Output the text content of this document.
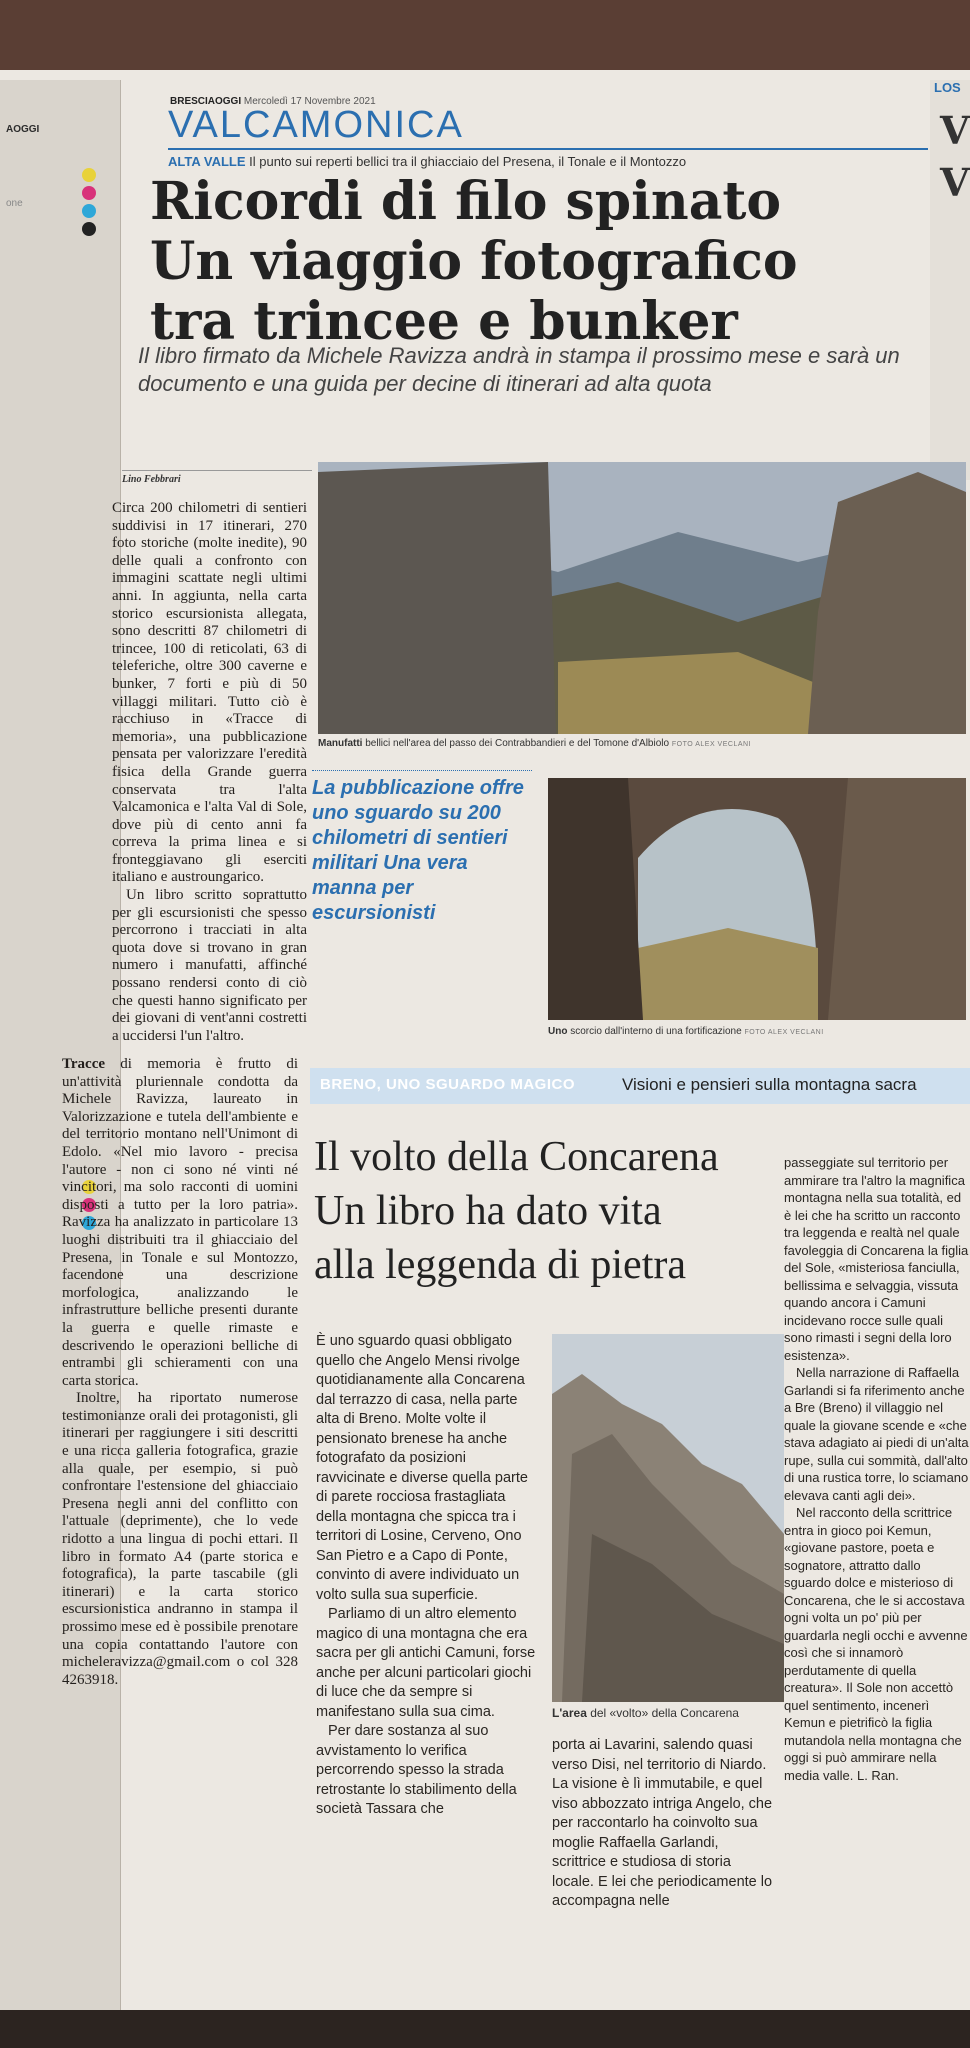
AOGGI
one
LOS
V
V
BRESCIAOGGI Mercoledì 17 Novembre 2021
VALCAMONICA
ALTA VALLE Il punto sui reperti bellici tra il ghiacciaio del Presena, il Tonale e il Montozzo
Ricordi di filo spinato
Un viaggio fotografico
tra trincee e bunker
Il libro firmato da Michele Ravizza andrà in stampa il prossimo mese e sarà un documento e una guida per decine di itinerari ad alta quota
Lino Febbrari

Circa 200 chilometri di sentieri suddivisi in 17 itinerari, 270 foto storiche (molte inedite), 90 delle quali a confronto con immagini scattate negli ultimi anni. In aggiunta, nella carta storico escursionista allegata, sono descritti 87 chilometri di trincee, 100 di reticolati, 63 di teleferiche, oltre 300 caverne e bunker, 7 forti e più di 50 villaggi militari. Tutto ciò è racchiuso in «Tracce di memoria», una pubblicazione pensata per valorizzare l'eredità fisica della Grande guerra conservata tra l'alta Valcamonica e l'alta Val di Sole, dove più di cento anni fa correva la prima linea e si fronteggiavano gli eserciti italiano e austroungarico.

Un libro scritto soprattutto per gli escursionisti che spesso percorrono i tracciati in alta quota dove si trovano in gran numero i manufatti, affinché possano rendersi conto di ciò che questi hanno significato per dei giovani di vent'anni costretti a uccidersi l'un l'altro.

Tracce di memoria è frutto di un'attività pluriennale condotta da Michele Ravizza, laureato in Valorizzazione e tutela dell'ambiente e del territorio montano nell'Unimont di Edolo. «Nel mio lavoro - precisa l'autore - non ci sono né vinti né vincitori, ma solo racconti di uomini disposti a tutto per la loro patria». Ravizza ha analizzato in particolare 13 luoghi distribuiti tra il ghiacciaio del Presena, in Tonale e sul Montozzo, facendone una descrizione morfologica, analizzando le infrastrutture belliche presenti durante la guerra e quelle rimaste e descrivendo le operazioni belliche di entrambi gli schieramenti con una carta storica.

Inoltre, ha riportato numerose testimonianze orali dei protagonisti, gli itinerari per raggiungere i siti descritti e una ricca galleria fotografica, grazie alla quale, per esempio, si può confrontare l'estensione del ghiacciaio Presena negli anni del conflitto con l'attuale (deprimente), che lo vede ridotto a una lingua di pochi ettari. Il libro in formato A4 (parte storica e fotografica), la parte tascabile (gli itinerari) e la carta storico escursionistica andranno in stampa il prossimo mese ed è possibile prenotare una copia contattando l'autore con micheleravizza@gmail.com o col 328 4263918.

Manufatti bellici nell'area del passo dei Contrabbandieri e del Tomone d'Albiolo FOTO ALEX VECLANI
La pubblicazione offre uno sguardo su 200 chilometri di sentieri militari Una vera manna per escursionisti
Uno scorcio dall'interno di una fortificazione FOTO ALEX VECLANI
BRENO, UNO SGUARDO MAGICO	Visioni e pensieri sulla montagna sacra
Il volto della Concarena
Un libro ha dato vita
alla leggenda di pietra

È uno sguardo quasi obbligato quello che Angelo Mensi rivolge quotidianamente alla Concarena dal terrazzo di casa, nella parte alta di Breno. Molte volte il pensionato brenese ha anche fotografato da posizioni ravvicinate e diverse quella parte di parete rocciosa frastagliata della montagna che spicca tra i territori di Losine, Cerveno, Ono San Pietro e a Capo di Ponte, convinto di avere individuato un volto sulla sua superficie.

Parliamo di un altro elemento magico di una montagna che era sacra per gli antichi Camuni, forse anche per alcuni particolari giochi di luce che da sempre si manifestano sulla sua cima.

Per dare sostanza al suo avvistamento lo verifica percorrendo spesso la strada retrostante lo stabilimento della società Tassara che

L'area del «volto» della Concarena

porta ai Lavarini, salendo quasi verso Disi, nel territorio di Niardo. La visione è lì immutabile, e quel viso abbozzato intriga Angelo, che per raccontarlo ha coinvolto sua moglie Raffaella Garlandi, scrittrice e studiosa di storia locale. E lei che periodicamente lo accompagna nelle

passeggiate sul territorio per ammirare tra l'altro la magnifica montagna nella sua totalità, ed è lei che ha scritto un racconto tra leggenda e realtà nel quale favoleggia di Concarena la figlia del Sole, «misteriosa fanciulla, bellissima e selvaggia, vissuta quando ancora i Camuni incidevano rocce sulle quali sono rimasti i segni della loro esistenza».

Nella narrazione di Raffaella Garlandi si fa riferimento anche a Bre (Breno) il villaggio nel quale la giovane scende e «che stava adagiato ai piedi di un'alta rupe, sulla cui sommità, dall'alto di una rustica torre, lo sciamano elevava canti agli dei».

Nel racconto della scrittrice entra in gioco poi Kemun, «giovane pastore, poeta e sognatore, attratto dallo sguardo dolce e misterioso di Concarena, che le si accostava ogni volta un po' più per guardarla negli occhi e avvenne così che si innamorò perdutamente di quella creatura». Il Sole non accettò quel sentimento, incenerì Kemun e pietrificò la figlia mutandola nella montagna che oggi si può ammirare nella media valle. L. Ran.
